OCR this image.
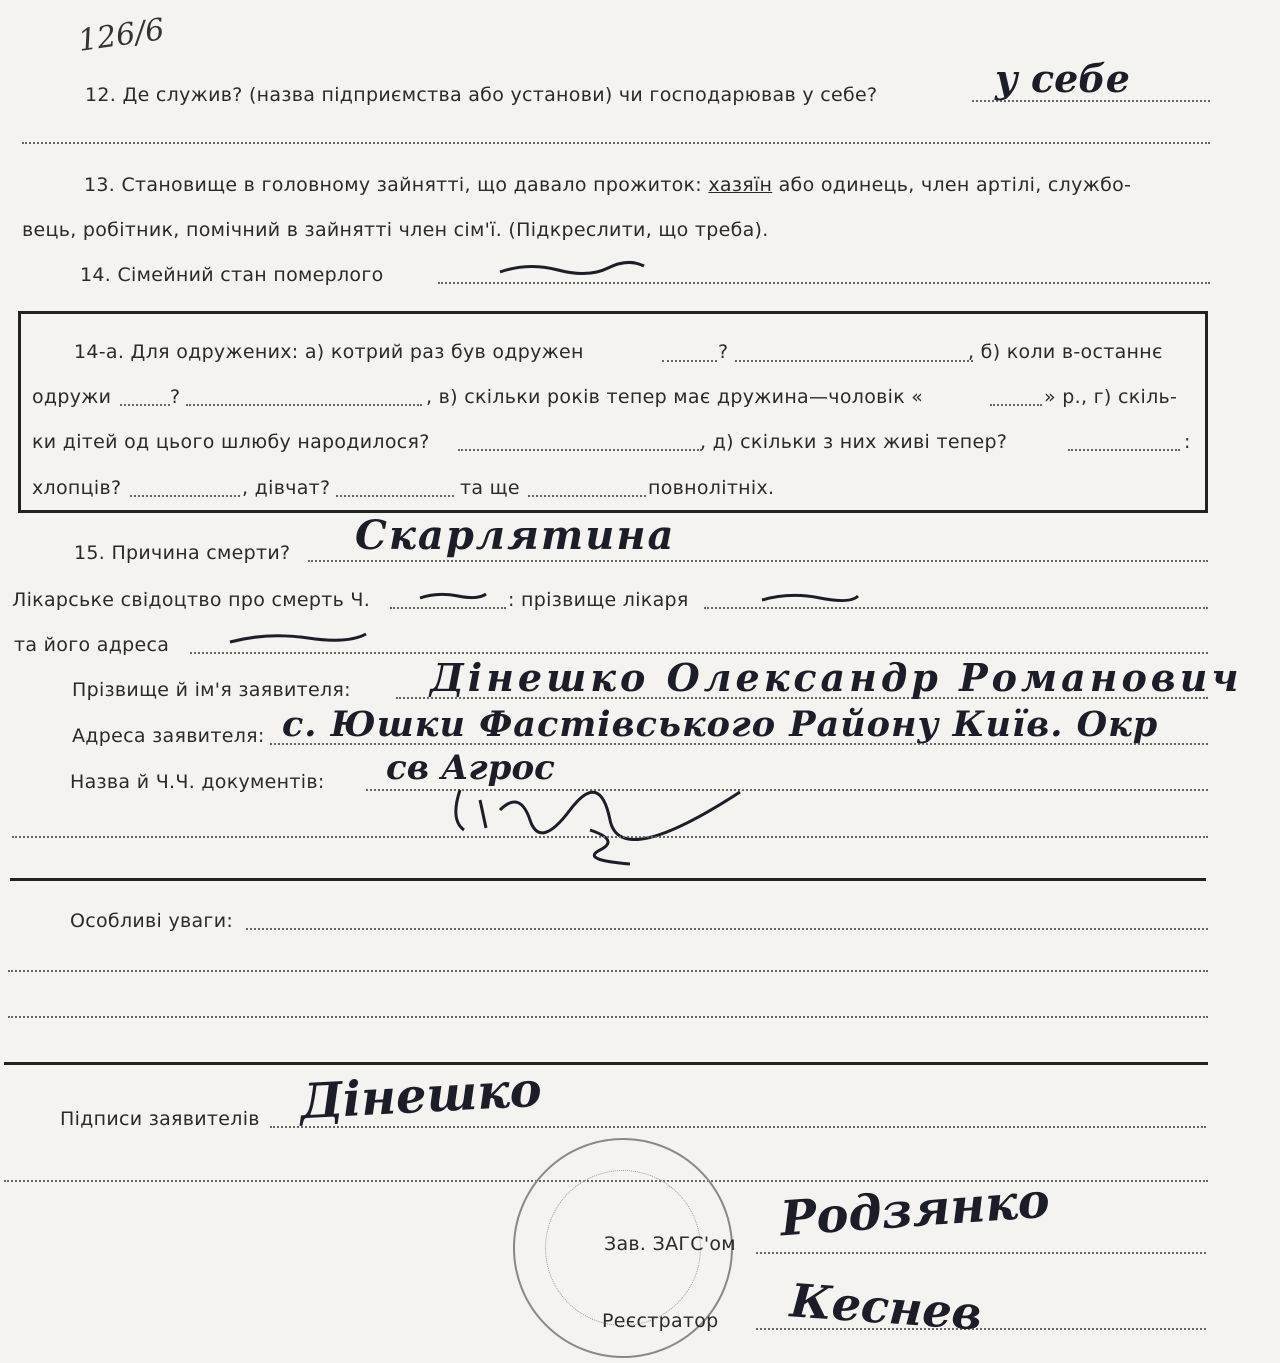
126/6
12. Де служив? (назва підприємства або установи) чи господарював у себе?	у себе
13. Становище в головному зайнятті, що давало прожиток: хазяїн або одинець, член артілі, службо-
вець, робітник, помічний в зайнятті член сім'ї. (Підкреслити, що треба).
14. Сімейний стан померлого
14-а. Для одружених: а) котрий раз був одружен	?	, б) коли в-останнє
одружи	?	, в) скільки років тепер має дружина—чоловік «	» р., г) скіль-
ки дітей од цього шлюбу народилося?	, д) скільки з них живі тепер?	:
хлопців?	, дівчат?	та ще	повнолітніх.
15. Причина смерти? Скарлятина
Лікарське свідоцтво про смерть Ч.	: прізвище лікаря
та його адреса
Прізвище й ім'я заявителя: Дінешко Олександр Романович
Адреса заявителя: с. Юшки Фастівського Району Київ. Окр
Назва й Ч.Ч. документів: св Агрос
Особливі уваги:
Підписи заявителів Дінешко
Зав. ЗАГС'ом Родзянко
Реєстратор Кеcнев
